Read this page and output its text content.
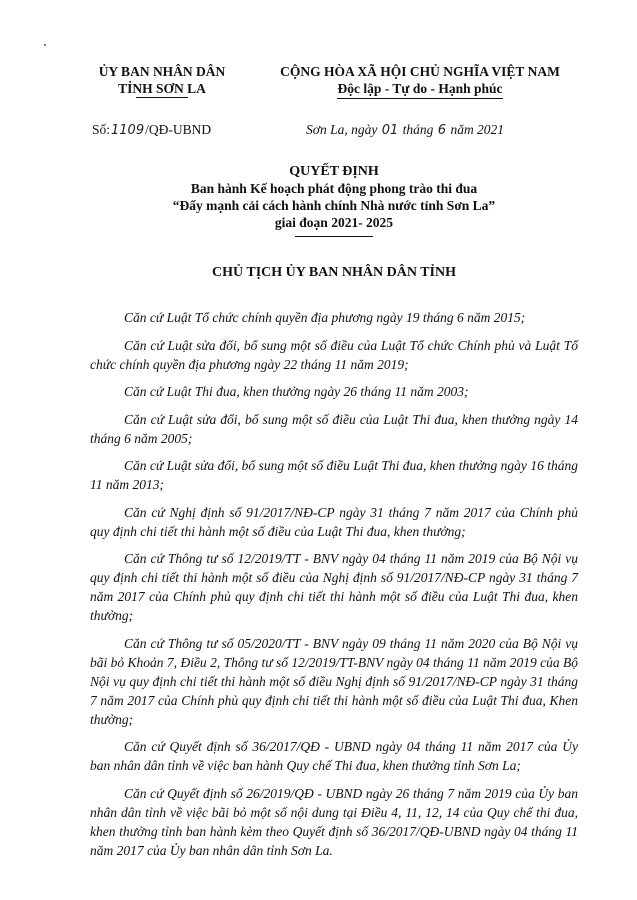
ỦY BAN NHÂN DÂN
TỈNH SƠN LA
CỘNG HÒA XÃ HỘI CHỦ NGHĨA VIỆT NAM
Độc lập - Tự do - Hạnh phúc
Số:1109/QĐ-UBND	Sơn La, ngày 01 tháng 6 năm 2021
QUYẾT ĐỊNH
Ban hành Kế hoạch phát động phong trào thi đua
“Đẩy mạnh cải cách hành chính Nhà nước tỉnh Sơn La”
giai đoạn 2021- 2025
CHỦ TỊCH ỦY BAN NHÂN DÂN TỈNH

Căn cứ Luật Tổ chức chính quyền địa phương ngày 19 tháng 6 năm 2015;

Căn cứ Luật sửa đổi, bổ sung một số điều của Luật Tổ chức Chính phủ và Luật Tổ chức chính quyền địa phương ngày 22 tháng 11 năm 2019;

Căn cứ Luật Thi đua, khen thưởng ngày 26 tháng 11 năm 2003;

Căn cứ Luật sửa đổi, bổ sung một số điều của Luật Thi đua, khen thưởng ngày 14 tháng 6 năm 2005;

Căn cứ Luật sửa đổi, bổ sung một số điều Luật Thi đua, khen thưởng ngày 16 tháng 11 năm 2013;

Căn cứ Nghị định số 91/2017/NĐ-CP ngày 31 tháng 7 năm 2017 của Chính phủ quy định chi tiết thi hành một số điều của Luật Thi đua, khen thưởng;

Căn cứ Thông tư số 12/2019/TT - BNV ngày 04 tháng 11 năm 2019 của Bộ Nội vụ quy định chi tiết thi hành một số điều của Nghị định số 91/2017/NĐ-CP ngày 31 tháng 7 năm 2017 của Chính phủ quy định chi tiết thi hành một số điều của Luật Thi đua, khen thưởng;

Căn cứ Thông tư số 05/2020/TT - BNV ngày 09 tháng 11 năm 2020 của Bộ Nội vụ bãi bỏ Khoản 7, Điều 2, Thông tư số 12/2019/TT-BNV ngày 04 tháng 11 năm 2019 của Bộ Nội vụ quy định chi tiết thi hành một số điều Nghị định số 91/2017/NĐ-CP ngày 31 tháng 7 năm 2017 của Chính phủ quy định chi tiết thi hành một số điều của Luật Thi đua, Khen thưởng;

Căn cứ Quyết định số 36/2017/QĐ - UBND ngày 04 tháng 11 năm 2017 của Ủy ban nhân dân tỉnh về việc ban hành Quy chế Thi đua, khen thưởng tỉnh Sơn La;

Căn cứ Quyết định số 26/2019/QĐ - UBND ngày 26 tháng 7 năm 2019 của Ủy ban nhân dân tỉnh về việc bãi bỏ một số nội dung tại Điều 4, 11, 12, 14 của Quy chế thi đua, khen thưởng tỉnh ban hành kèm theo Quyết định số 36/2017/QĐ-UBND ngày 04 tháng 11 năm 2017 của Ủy ban nhân dân tỉnh Sơn La.
